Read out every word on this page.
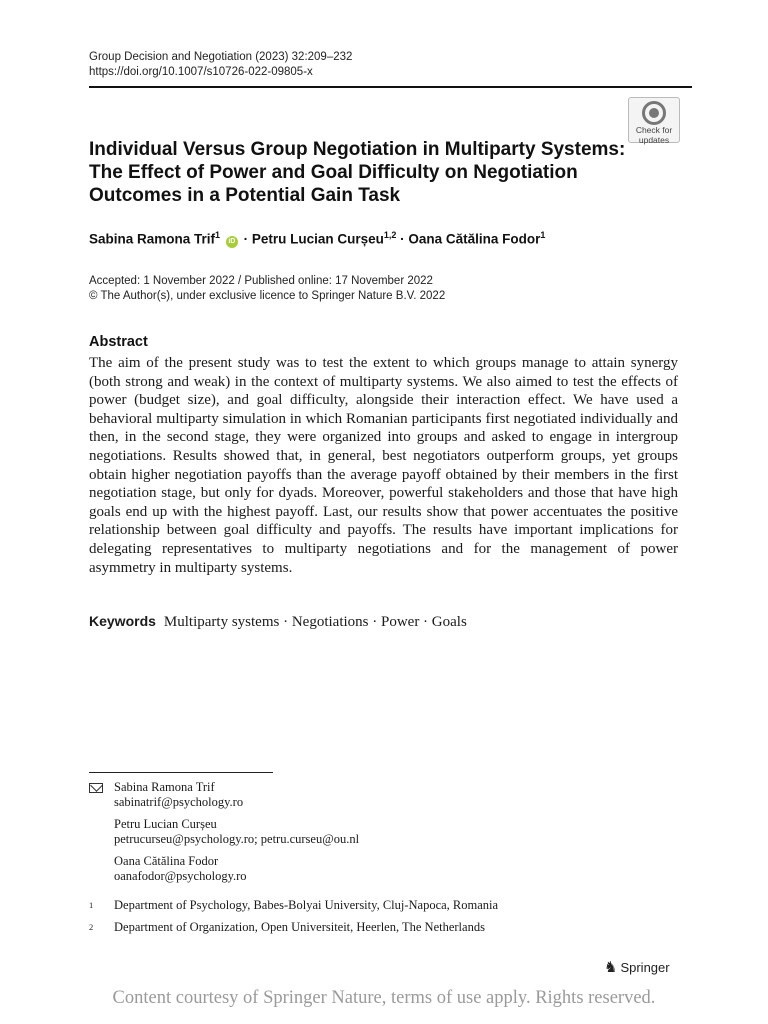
Group Decision and Negotiation (2023) 32:209–232
https://doi.org/10.1007/s10726-022-09805-x
Check for
updates
Individual Versus Group Negotiation in Multiparty Systems: The Effect of Power and Goal Difficulty on Negotiation Outcomes in a Potential Gain Task
Sabina Ramona Trif$^1$ iD · Petru Lucian Curșeu$^{1,2}$ · Oana Cătălina Fodor$^1$
Accepted: 1 November 2022 / Published online: 17 November 2022
© The Author(s), under exclusive licence to Springer Nature B.V. 2022
Abstract
The aim of the present study was to test the extent to which groups manage to attain synergy (both strong and weak) in the context of multiparty systems. We also aimed to test the effects of power (budget size), and goal difficulty, alongside their interaction effect. We have used a behavioral multiparty simulation in which Romanian participants first negotiated individually and then, in the second stage, they were organized into groups and asked to engage in intergroup negotiations. Results showed that, in general, best negotiators outperform groups, yet groups obtain higher negotiation payoffs than the average payoff obtained by their members in the first negotiation stage, but only for dyads. Moreover, powerful stakeholders and those that have high goals end up with the highest payoff. Last, our results show that power accentuates the positive relationship between goal difficulty and payoffs. The results have important implications for delegating representatives to multiparty negotiations and for the management of power asymmetry in multiparty systems.
Keywords Multiparty systems · Negotiations · Power · Goals
Sabina Ramona Trif
sabinatrif@psychology.ro
Petru Lucian Curșeu
petrucurseu@psychology.ro; petru.curseu@ou.nl
Oana Cătălina Fodor
oanafodor@psychology.ro
1 Department of Psychology, Babes-Bolyai University, Cluj-Napoca, Romania
2 Department of Organization, Open Universiteit, Heerlen, The Netherlands
♞ Springer
Content courtesy of Springer Nature, terms of use apply. Rights reserved.
